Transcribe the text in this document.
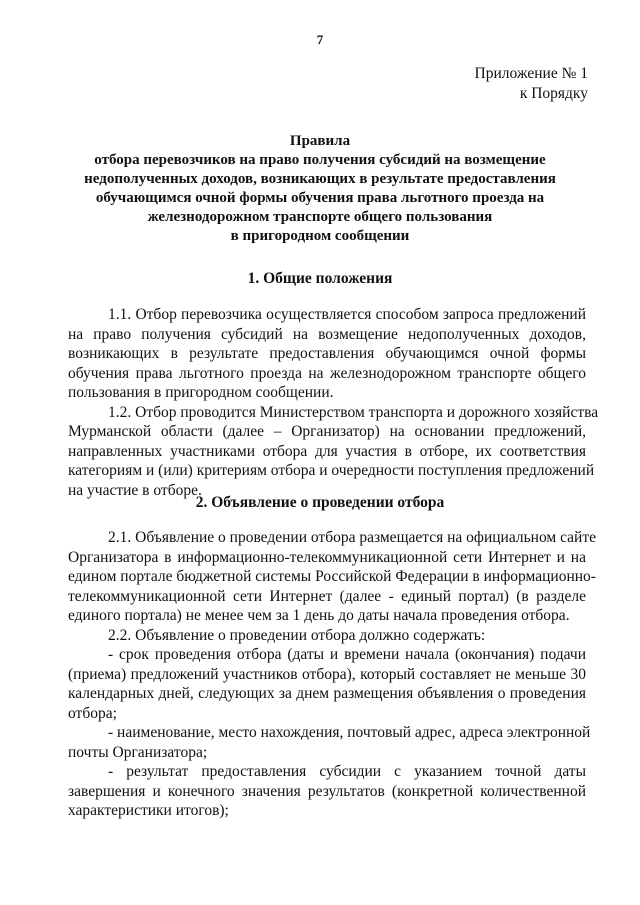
7
Приложение № 1
к Порядку
Правила
отбора перевозчиков на право получения субсидий на возмещение
недополученных доходов, возникающих в результате предоставления
обучающимся очной формы обучения права льготного проезда на
железнодорожном транспорте общего пользования
в пригородном сообщении
1. Общие положения
1.1. Отбор перевозчика осуществляется способом запроса предложений
на право получения субсидий на возмещение недополученных доходов,
возникающих в результате предоставления обучающимся очной формы
обучения права льготного проезда на железнодорожном транспорте общего
пользования в пригородном сообщении.
1.2. Отбор проводится Министерством транспорта и дорожного хозяйства
Мурманской области (далее – Организатор) на основании предложений,
направленных участниками отбора для участия в отборе, их соответствия
категориям и (или) критериям отбора и очередности поступления предложений
на участие в отборе.
2. Объявление о проведении отбора
2.1. Объявление о проведении отбора размещается на официальном сайте
Организатора в информационно-телекоммуникационной сети Интернет и на
едином портале бюджетной системы Российской Федерации в информационно-
телекоммуникационной сети Интернет (далее - единый портал) (в разделе
единого портала) не менее чем за 1 день до даты начала проведения отбора.
2.2. Объявление о проведении отбора должно содержать:
- срок проведения отбора (даты и времени начала (окончания) подачи
(приема) предложений участников отбора), который составляет не меньше 30
календарных дней, следующих за днем размещения объявления о проведения
отбора;
- наименование, место нахождения, почтовый адрес, адреса электронной
почты Организатора;
- результат предоставления субсидии с указанием точной даты
завершения и конечного значения результатов (конкретной количественной
характеристики итогов);
